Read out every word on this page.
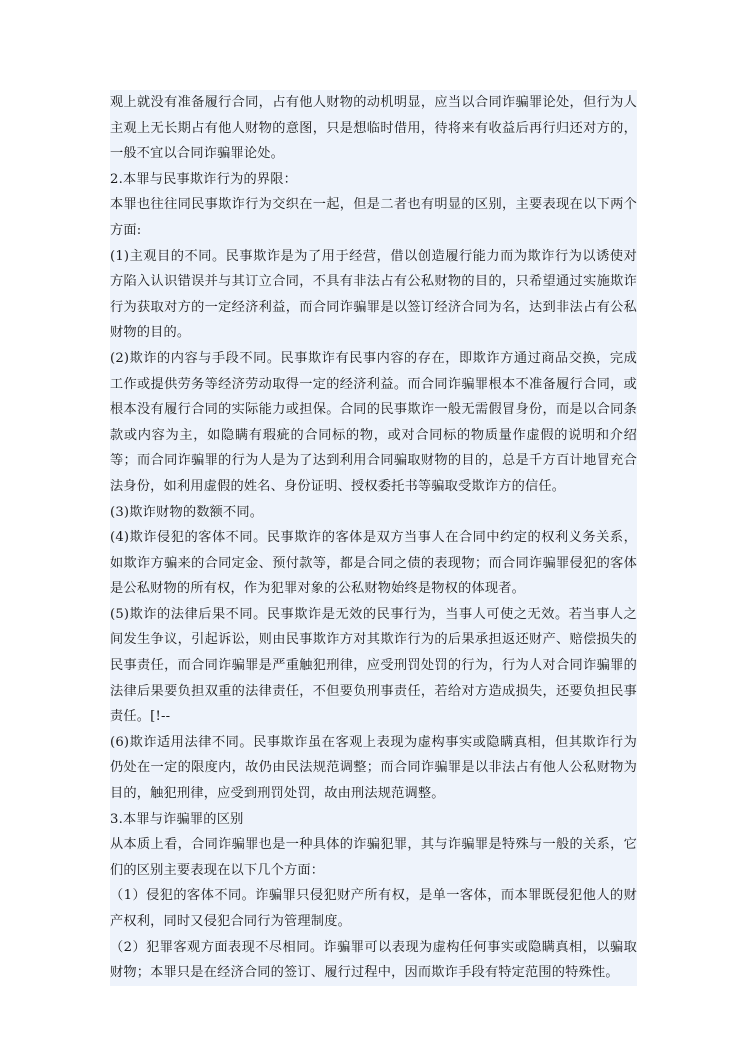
观上就没有准备履行合同，占有他人财物的动机明显，应当以合同诈骗罪论处，但行为人主观上无长期占有他人财物的意图，只是想临时借用，待将来有收益后再行归还对方的，一般不宜以合同诈骗罪论处。

2.本罪与民事欺诈行为的界限：

本罪也往往同民事欺诈行为交织在一起，但是二者也有明显的区别，主要表现在以下两个方面:

(1)主观目的不同。民事欺诈是为了用于经营，借以创造履行能力而为欺诈行为以诱使对方陷入认识错误并与其订立合同，不具有非法占有公私财物的目的，只希望通过实施欺诈行为获取对方的一定经济利益，而合同诈骗罪是以签订经济合同为名，达到非法占有公私财物的目的。

(2)欺诈的内容与手段不同。民事欺诈有民事内容的存在，即欺诈方通过商品交换，完成工作或提供劳务等经济劳动取得一定的经济利益。而合同诈骗罪根本不准备履行合同，或根本没有履行合同的实际能力或担保。合同的民事欺诈一般无需假冒身份，而是以合同条款或内容为主，如隐瞒有瑕疵的合同标的物，或对合同标的物质量作虚假的说明和介绍等；而合同诈骗罪的行为人是为了达到利用合同骗取财物的目的，总是千方百计地冒充合法身份，如利用虚假的姓名、身份证明、授权委托书等骗取受欺诈方的信任。

(3)欺诈财物的数额不同。

(4)欺诈侵犯的客体不同。民事欺诈的客体是双方当事人在合同中约定的权利义务关系，如欺诈方骗来的合同定金、预付款等，都是合同之债的表现物；而合同诈骗罪侵犯的客体是公私财物的所有权，作为犯罪对象的公私财物始终是物权的体现者。

(5)欺诈的法律后果不同。民事欺诈是无效的民事行为，当事人可使之无效。若当事人之间发生争议，引起诉讼，则由民事欺诈方对其欺诈行为的后果承担返还财产、赔偿损失的民事责任，而合同诈骗罪是严重触犯刑律，应受刑罚处罚的行为，行为人对合同诈骗罪的法律后果要负担双重的法律责任，不但要负刑事责任，若给对方造成损失，还要负担民事责任。[!--

(6)欺诈适用法律不同。民事欺诈虽在客观上表现为虚构事实或隐瞒真相，但其欺诈行为仍处在一定的限度内，故仍由民法规范调整；而合同诈骗罪是以非法占有他人公私财物为目的，触犯刑律，应受到刑罚处罚，故由刑法规范调整。

3.本罪与诈骗罪的区别

从本质上看，合同诈骗罪也是一种具体的诈骗犯罪，其与诈骗罪是特殊与一般的关系，它们的区别主要表现在以下几个方面：

（1）侵犯的客体不同。诈骗罪只侵犯财产所有权，是单一客体，而本罪既侵犯他人的财产权利，同时又侵犯合同行为管理制度。

（2）犯罪客观方面表现不尽相同。诈骗罪可以表现为虚构任何事实或隐瞒真相，以骗取财物；本罪只是在经济合同的签订、履行过程中，因而欺诈手段有特定范围的特殊性。
